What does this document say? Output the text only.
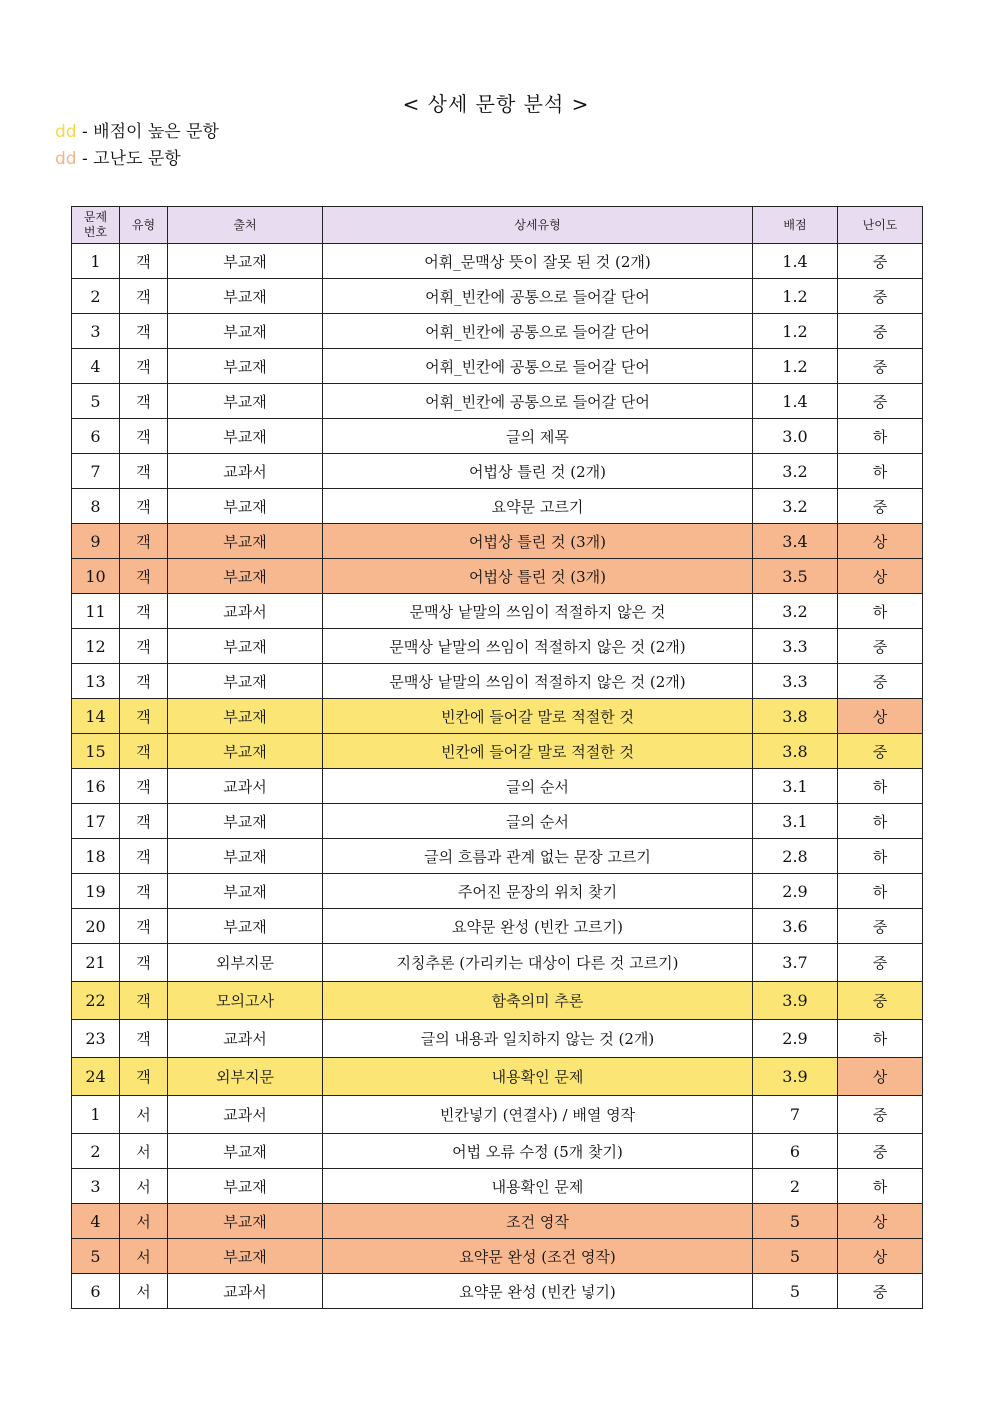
< 상세 문항 분석 >
dd - 배점이 높은 문항
dd - 고난도 문항
문제
번호	유형	출처	상세유형	배점	난이도
1	객	부교재	어휘_문맥상 뜻이 잘못 된 것 (2개)	1.4	중
2	객	부교재	어휘_빈칸에 공통으로 들어갈 단어	1.2	중
3	객	부교재	어휘_빈칸에 공통으로 들어갈 단어	1.2	중
4	객	부교재	어휘_빈칸에 공통으로 들어갈 단어	1.2	중
5	객	부교재	어휘_빈칸에 공통으로 들어갈 단어	1.4	중
6	객	부교재	글의 제목	3.0	하
7	객	교과서	어법상 틀린 것 (2개)	3.2	하
8	객	부교재	요약문 고르기	3.2	중
9	객	부교재	어법상 틀린 것 (3개)	3.4	상
10	객	부교재	어법상 틀린 것 (3개)	3.5	상
11	객	교과서	문맥상 낱말의 쓰임이 적절하지 않은 것	3.2	하
12	객	부교재	문맥상 낱말의 쓰임이 적절하지 않은 것 (2개)	3.3	중
13	객	부교재	문맥상 낱말의 쓰임이 적절하지 않은 것 (2개)	3.3	중
14	객	부교재	빈칸에 들어갈 말로 적절한 것	3.8	상
15	객	부교재	빈칸에 들어갈 말로 적절한 것	3.8	중
16	객	교과서	글의 순서	3.1	하
17	객	부교재	글의 순서	3.1	하
18	객	부교재	글의 흐름과 관계 없는 문장 고르기	2.8	하
19	객	부교재	주어진 문장의 위치 찾기	2.9	하
20	객	부교재	요약문 완성 (빈칸 고르기)	3.6	중
21	객	외부지문	지칭추론 (가리키는 대상이 다른 것 고르기)	3.7	중
22	객	모의고사	함축의미 추론	3.9	중
23	객	교과서	글의 내용과 일치하지 않는 것 (2개)	2.9	하
24	객	외부지문	내용확인 문제	3.9	상
1	서	교과서	빈칸넣기 (연결사) / 배열 영작	7	중
2	서	부교재	어법 오류 수정 (5개 찾기)	6	중
3	서	부교재	내용확인 문제	2	하
4	서	부교재	조건 영작	5	상
5	서	부교재	요약문 완성 (조건 영작)	5	상
6	서	교과서	요약문 완성 (빈칸 넣기)	5	중
